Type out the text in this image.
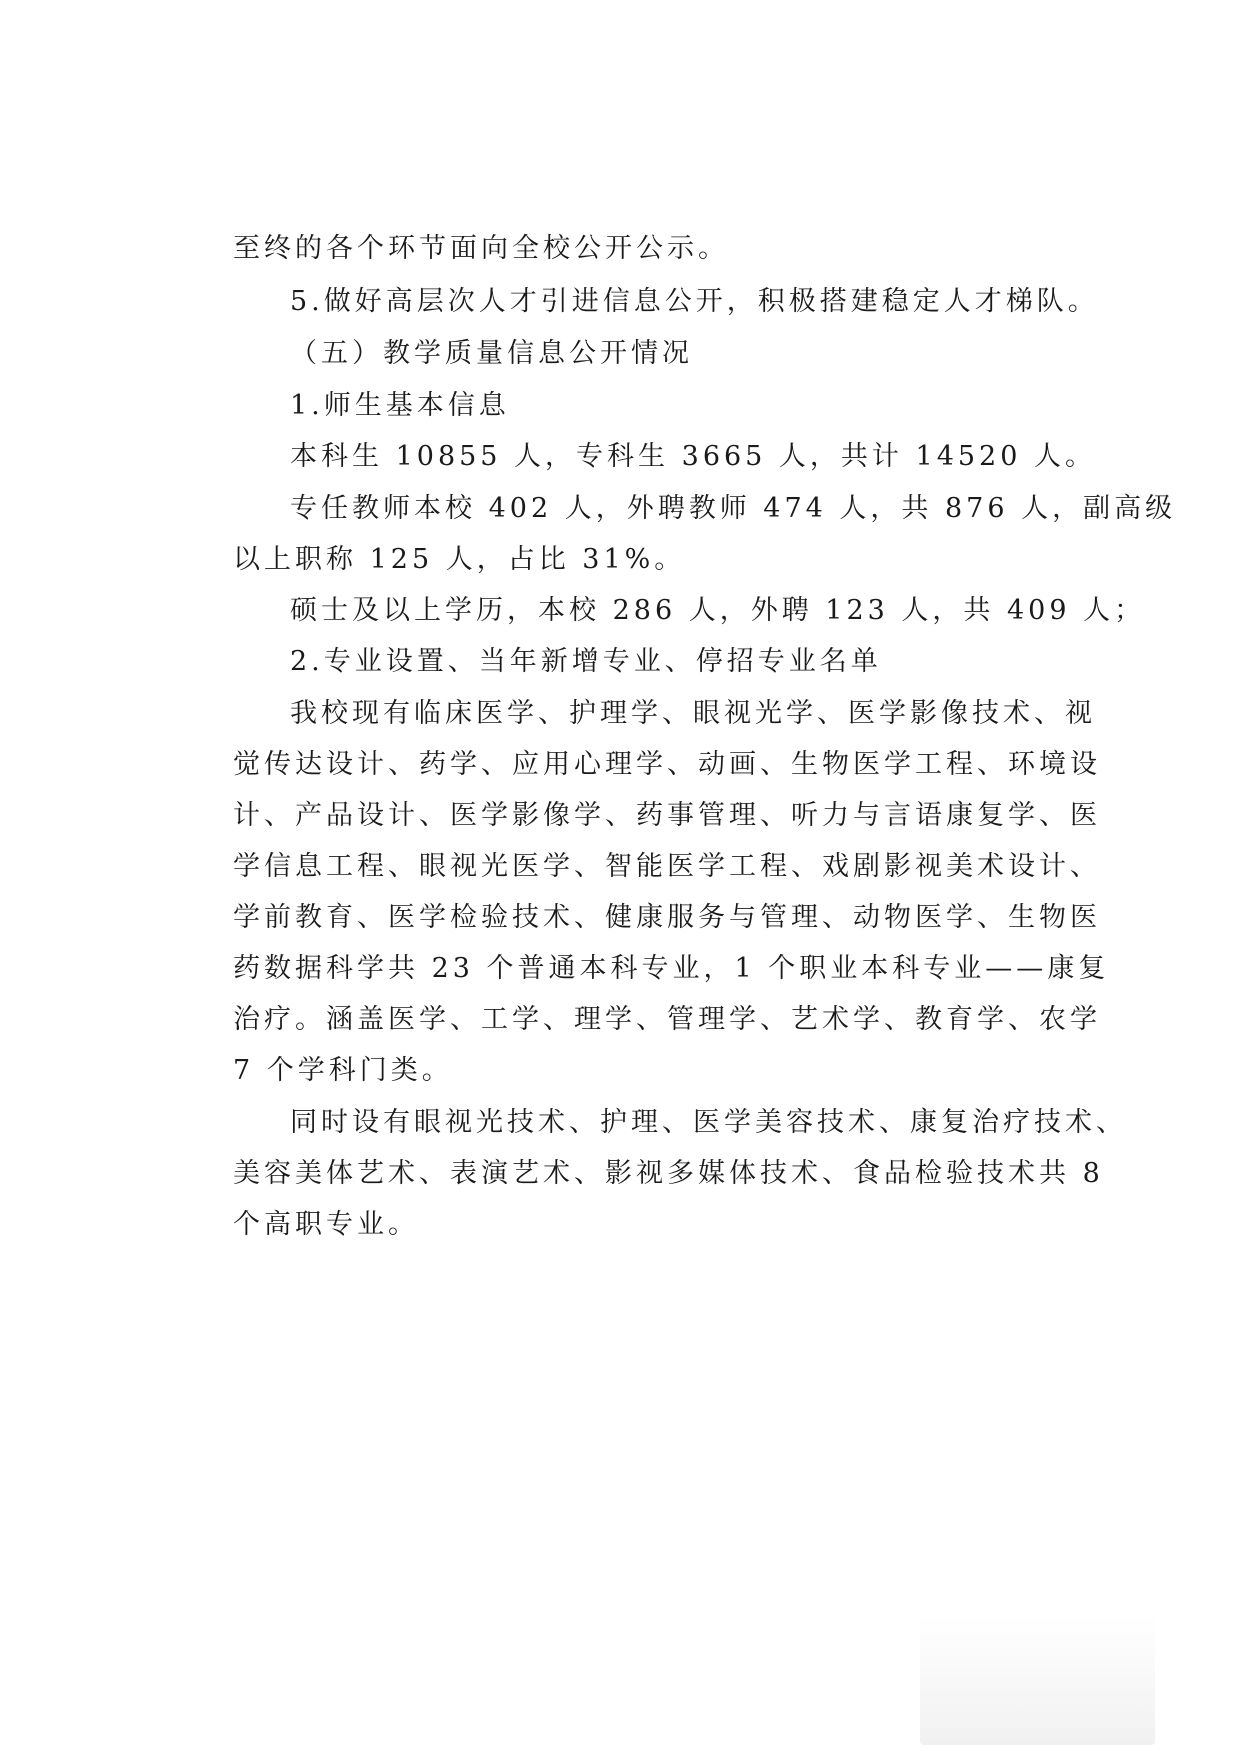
至终的各个环节面向全校公开公示。
5.做好高层次人才引进信息公开，积极搭建稳定人才梯队。
（五）教学质量信息公开情况
1.师生基本信息
本科生 10855 人，专科生 3665 人，共计 14520 人。
专任教师本校 402 人，外聘教师 474 人，共 876 人，副高级
以上职称 125 人，占比 31%。
硕士及以上学历，本校 286 人，外聘 123 人，共 409 人；
2.专业设置、当年新增专业、停招专业名单
我校现有临床医学、护理学、眼视光学、医学影像技术、视
觉传达设计、药学、应用心理学、动画、生物医学工程、环境设
计、产品设计、医学影像学、药事管理、听力与言语康复学、医
学信息工程、眼视光医学、智能医学工程、戏剧影视美术设计、
学前教育、医学检验技术、健康服务与管理、动物医学、生物医
药数据科学共 23 个普通本科专业，1 个职业本科专业——康复
治疗。涵盖医学、工学、理学、管理学、艺术学、教育学、农学
7 个学科门类。
同时设有眼视光技术、护理、医学美容技术、康复治疗技术、
美容美体艺术、表演艺术、影视多媒体技术、食品检验技术共 8
个高职专业。
